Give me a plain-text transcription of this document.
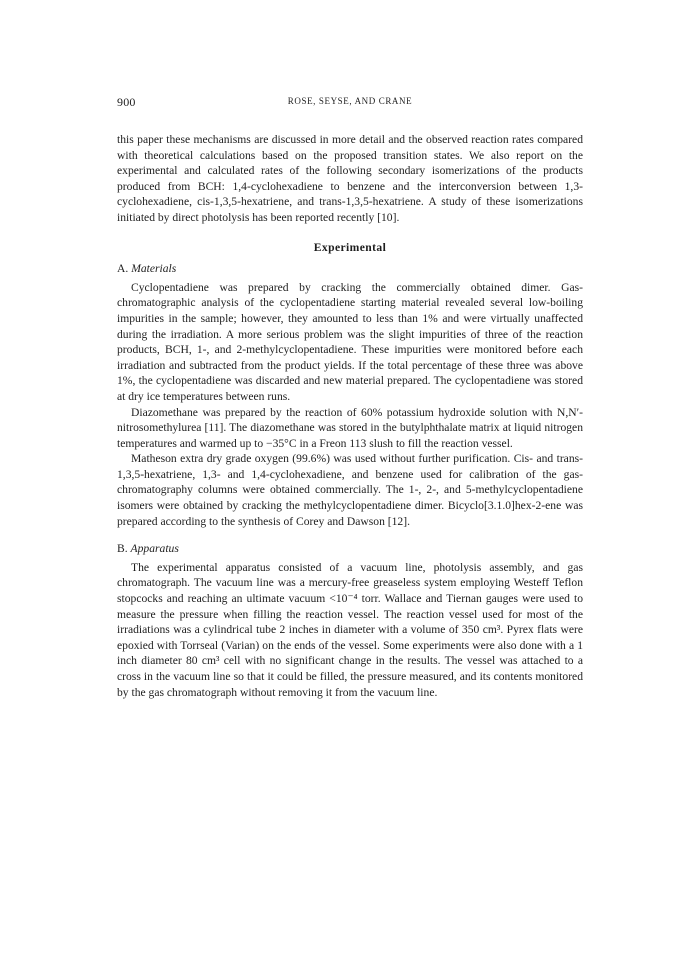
900	ROSE, SEYSE, AND CRANE

this paper these mechanisms are discussed in more detail and the observed reaction rates compared with theoretical calculations based on the proposed transition states. We also report on the experimental and calculated rates of the following secondary isomerizations of the products produced from BCH: 1,4-cyclohexadiene to benzene and the interconversion between 1,3-cyclohexadiene, cis-1,3,5-hexatriene, and trans-1,3,5-hexatriene. A study of these isomerizations initiated by direct photolysis has been reported recently [10].

Experimental
A. Materials

Cyclopentadiene was prepared by cracking the commercially obtained dimer. Gas-chromatographic analysis of the cyclopentadiene starting material revealed several low-boiling impurities in the sample; however, they amounted to less than 1% and were virtually unaffected during the irradiation. A more serious problem was the slight impurities of three of the reaction products, BCH, 1-, and 2-methylcyclopentadiene. These impurities were monitored before each irradiation and subtracted from the product yields. If the total percentage of these three was above 1%, the cyclopentadiene was discarded and new material prepared. The cyclopentadiene was stored at dry ice temperatures between runs.

Diazomethane was prepared by the reaction of 60% potassium hydroxide solution with N,N′-nitrosomethylurea [11]. The diazomethane was stored in the butylphthalate matrix at liquid nitrogen temperatures and warmed up to −35°C in a Freon 113 slush to fill the reaction vessel.

Matheson extra dry grade oxygen (99.6%) was used without further purification. Cis- and trans-1,3,5-hexatriene, 1,3- and 1,4-cyclohexadiene, and benzene used for calibration of the gas-chromatography columns were obtained commercially. The 1-, 2-, and 5-methylcyclopentadiene isomers were obtained by cracking the methylcyclopentadiene dimer. Bicyclo[3.1.0]hex-2-ene was prepared according to the synthesis of Corey and Dawson [12].

B. Apparatus

The experimental apparatus consisted of a vacuum line, photolysis assembly, and gas chromatograph. The vacuum line was a mercury-free greaseless system employing Westeff Teflon stopcocks and reaching an ultimate vacuum <10⁻⁴ torr. Wallace and Tiernan gauges were used to measure the pressure when filling the reaction vessel. The reaction vessel used for most of the irradiations was a cylindrical tube 2 inches in diameter with a volume of 350 cm³. Pyrex flats were epoxied with Torrseal (Varian) on the ends of the vessel. Some experiments were also done with a 1 inch diameter 80 cm³ cell with no significant change in the results. The vessel was attached to a cross in the vacuum line so that it could be filled, the pressure measured, and its contents monitored by the gas chromatograph without removing it from the vacuum line.
